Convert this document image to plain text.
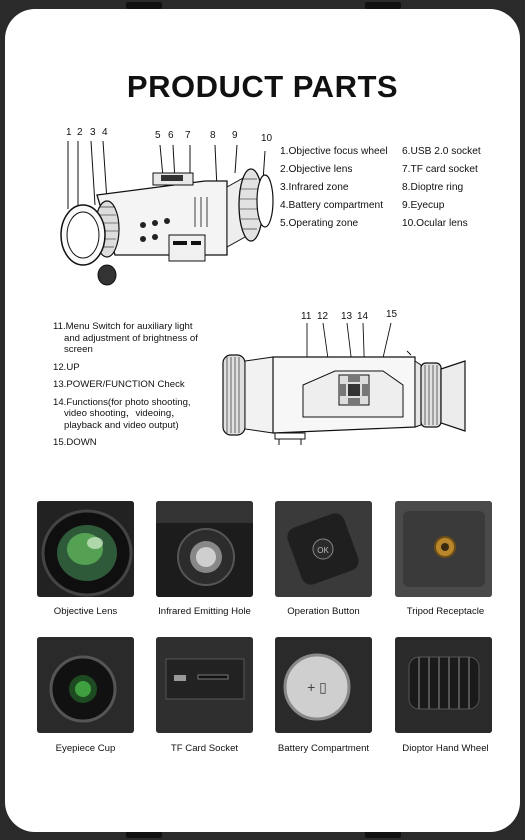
PRODUCT PARTS
1 2 3 4	5 6 7 8 9 10
1.Objective focus wheel
2.Objective lens
3.Infrared zone
4.Battery compartment
5.Operating zone
6.USB 2.0 socket
7.TF card socket
8.Dioptre ring
9.Eyecup
10.Ocular lens
11.Menu Switch for auxiliary light
and adjustment of brightness of
screen
12.UP
13.POWER/FUNCTION Check
14.Functions(for photo shooting,
video shooting，videoing，
playback and video output)
15.DOWN
11 12 13 14 15
OK
Objective Lens	Infrared Emitting Hole	Operation Button	Tripod Receptacle
+ ▯
Eyepiece Cup	TF Card Socket	Battery Compartment	Dioptor Hand Wheel
